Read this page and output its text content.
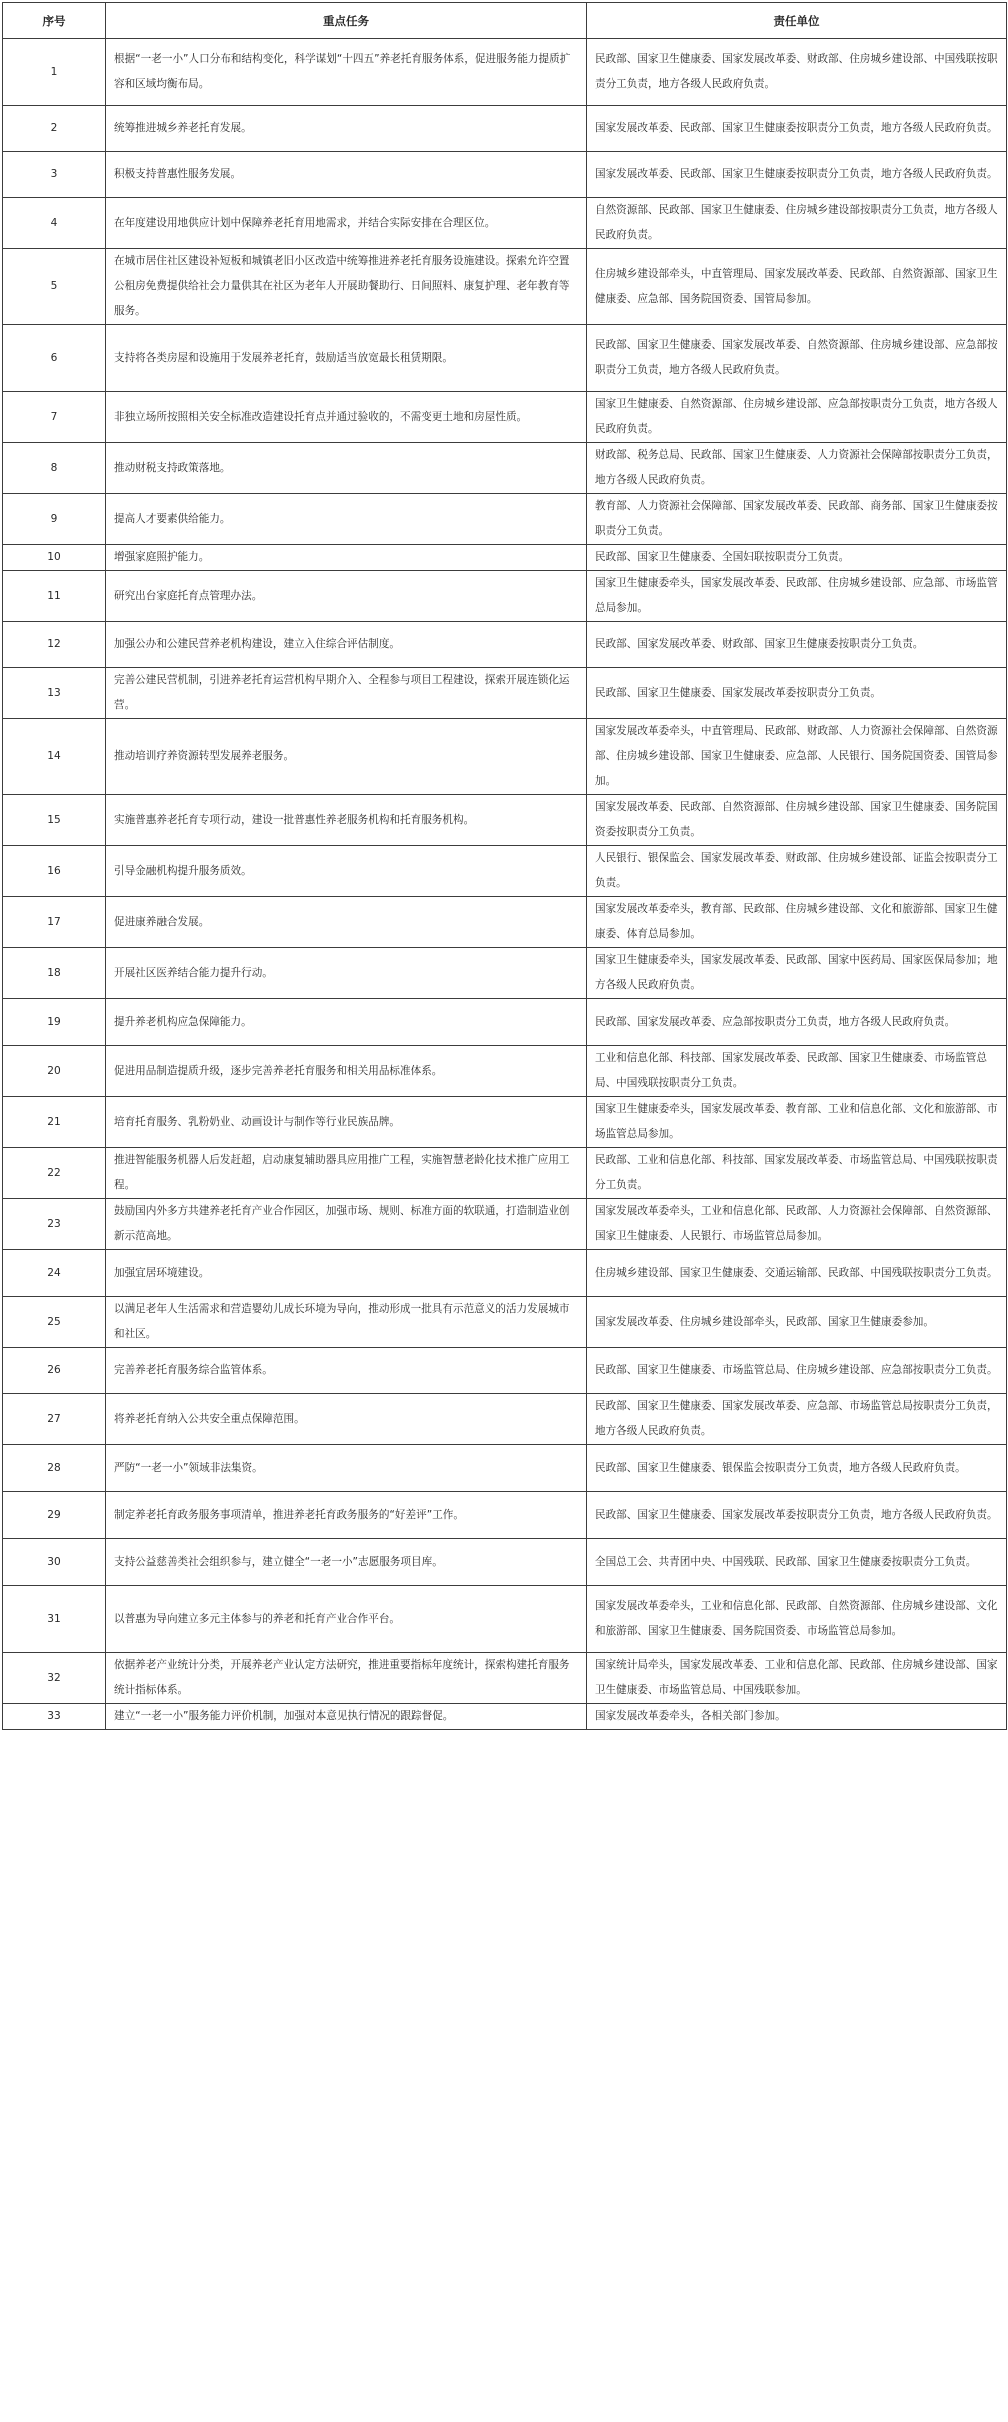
序号	重点任务	责任单位
1	根据“一老一小”人口分布和结构变化，科学谋划“十四五”养老托育服务体系，促进服务能力提质扩容和区域均衡布局。	民政部、国家卫生健康委、国家发展改革委、财政部、住房城乡建设部、中国残联按职责分工负责，地方各级人民政府负责。
2	统筹推进城乡养老托育发展。	国家发展改革委、民政部、国家卫生健康委按职责分工负责，地方各级人民政府负责。
3	积极支持普惠性服务发展。	国家发展改革委、民政部、国家卫生健康委按职责分工负责，地方各级人民政府负责。
4	在年度建设用地供应计划中保障养老托育用地需求，并结合实际安排在合理区位。	自然资源部、民政部、国家卫生健康委、住房城乡建设部按职责分工负责，地方各级人民政府负责。
5	在城市居住社区建设补短板和城镇老旧小区改造中统筹推进养老托育服务设施建设。探索允许空置公租房免费提供给社会力量供其在社区为老年人开展助餐助行、日间照料、康复护理、老年教育等服务。	住房城乡建设部牵头，中直管理局、国家发展改革委、民政部、自然资源部、国家卫生健康委、应急部、国务院国资委、国管局参加。
6	支持将各类房屋和设施用于发展养老托育，鼓励适当放宽最长租赁期限。	民政部、国家卫生健康委、国家发展改革委、自然资源部、住房城乡建设部、应急部按职责分工负责，地方各级人民政府负责。
7	非独立场所按照相关安全标准改造建设托育点并通过验收的，不需变更土地和房屋性质。	国家卫生健康委、自然资源部、住房城乡建设部、应急部按职责分工负责，地方各级人民政府负责。
8	推动财税支持政策落地。	财政部、税务总局、民政部、国家卫生健康委、人力资源社会保障部按职责分工负责，地方各级人民政府负责。
9	提高人才要素供给能力。	教育部、人力资源社会保障部、国家发展改革委、民政部、商务部、国家卫生健康委按职责分工负责。
10	增强家庭照护能力。	民政部、国家卫生健康委、全国妇联按职责分工负责。
11	研究出台家庭托育点管理办法。	国家卫生健康委牵头，国家发展改革委、民政部、住房城乡建设部、应急部、市场监管总局参加。
12	加强公办和公建民营养老机构建设，建立入住综合评估制度。	民政部、国家发展改革委、财政部、国家卫生健康委按职责分工负责。
13	完善公建民营机制，引进养老托育运营机构早期介入、全程参与项目工程建设，探索开展连锁化运营。	民政部、国家卫生健康委、国家发展改革委按职责分工负责。
14	推动培训疗养资源转型发展养老服务。	国家发展改革委牵头，中直管理局、民政部、财政部、人力资源社会保障部、自然资源部、住房城乡建设部、国家卫生健康委、应急部、人民银行、国务院国资委、国管局参加。
15	实施普惠养老托育专项行动，建设一批普惠性养老服务机构和托育服务机构。	国家发展改革委、民政部、自然资源部、住房城乡建设部、国家卫生健康委、国务院国资委按职责分工负责。
16	引导金融机构提升服务质效。	人民银行、银保监会、国家发展改革委、财政部、住房城乡建设部、证监会按职责分工负责。
17	促进康养融合发展。	国家发展改革委牵头，教育部、民政部、住房城乡建设部、文化和旅游部、国家卫生健康委、体育总局参加。
18	开展社区医养结合能力提升行动。	国家卫生健康委牵头，国家发展改革委、民政部、国家中医药局、国家医保局参加；地方各级人民政府负责。
19	提升养老机构应急保障能力。	民政部、国家发展改革委、应急部按职责分工负责，地方各级人民政府负责。
20	促进用品制造提质升级，逐步完善养老托育服务和相关用品标准体系。	工业和信息化部、科技部、国家发展改革委、民政部、国家卫生健康委、市场监管总局、中国残联按职责分工负责。
21	培育托育服务、乳粉奶业、动画设计与制作等行业民族品牌。	国家卫生健康委牵头，国家发展改革委、教育部、工业和信息化部、文化和旅游部、市场监管总局参加。
22	推进智能服务机器人后发赶超，启动康复辅助器具应用推广工程，实施智慧老龄化技术推广应用工程。	民政部、工业和信息化部、科技部、国家发展改革委、市场监管总局、中国残联按职责分工负责。
23	鼓励国内外多方共建养老托育产业合作园区，加强市场、规则、标准方面的软联通，打造制造业创新示范高地。	国家发展改革委牵头，工业和信息化部、民政部、人力资源社会保障部、自然资源部、国家卫生健康委、人民银行、市场监管总局参加。
24	加强宜居环境建设。	住房城乡建设部、国家卫生健康委、交通运输部、民政部、中国残联按职责分工负责。
25	以满足老年人生活需求和营造婴幼儿成长环境为导向，推动形成一批具有示范意义的活力发展城市和社区。	国家发展改革委、住房城乡建设部牵头，民政部、国家卫生健康委参加。
26	完善养老托育服务综合监管体系。	民政部、国家卫生健康委、市场监管总局、住房城乡建设部、应急部按职责分工负责。
27	将养老托育纳入公共安全重点保障范围。	民政部、国家卫生健康委、国家发展改革委、应急部、市场监管总局按职责分工负责，地方各级人民政府负责。
28	严防“一老一小”领域非法集资。	民政部、国家卫生健康委、银保监会按职责分工负责，地方各级人民政府负责。
29	制定养老托育政务服务事项清单，推进养老托育政务服务的“好差评”工作。	民政部、国家卫生健康委、国家发展改革委按职责分工负责，地方各级人民政府负责。
30	支持公益慈善类社会组织参与，建立健全“一老一小”志愿服务项目库。	全国总工会、共青团中央、中国残联、民政部、国家卫生健康委按职责分工负责。
31	以普惠为导向建立多元主体参与的养老和托育产业合作平台。	国家发展改革委牵头，工业和信息化部、民政部、自然资源部、住房城乡建设部、文化和旅游部、国家卫生健康委、国务院国资委、市场监管总局参加。
32	依据养老产业统计分类，开展养老产业认定方法研究，推进重要指标年度统计，探索构建托育服务统计指标体系。	国家统计局牵头，国家发展改革委、工业和信息化部、民政部、住房城乡建设部、国家卫生健康委、市场监管总局、中国残联参加。
33	建立“一老一小”服务能力评价机制，加强对本意见执行情况的跟踪督促。	国家发展改革委牵头，各相关部门参加。
